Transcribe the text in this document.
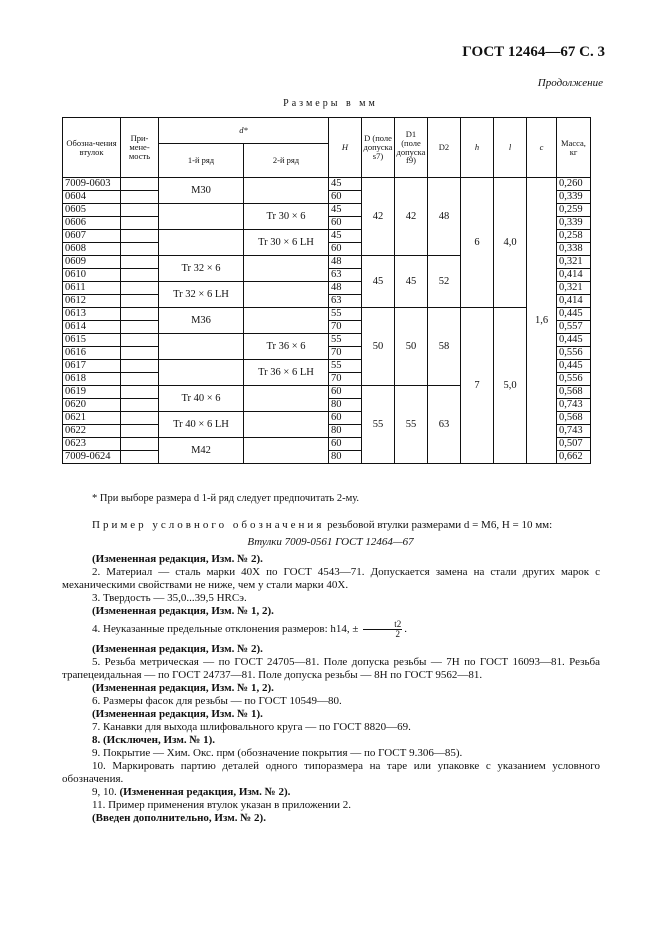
ГОСТ 12464—67 С. 3
Продолжение
Размеры в мм
Обозна-чения втулок	При-мене-мость	d*		H	D (поле допуска s7)	D1 (поле допуска f9)	D2	h	l	c	Масса, кг
		1-й ряд	2-й ряд								
7009-0603		M30		45	42	42	48	6	4,0	1,6	0,260
0604				60							0,339
0605			Tr 30 × 6	45							0,259
0606				60							0,339
0607			Tr 30 × 6 LH	45							0,258
0608				60							0,338
0609		Tr 32 × 6		48	45	45	52				0,321
0610				63							0,414
0611		Tr 32 × 6 LH		48							0,321
0612				63							0,414
0613		M36		55	50	50	58	7	5,0		0,445
0614				70							0,557
0615			Tr 36 × 6	55							0,445
0616				70							0,556
0617			Tr 36 × 6 LH	55							0,445
0618				70							0,556
0619		Tr 40 × 6		60	55	55	63				0,568
0620				80							0,743
0621		Tr 40 × 6 LH		60							0,568
0622				80							0,743
0623		M42		60							0,507
7009-0624				80							0,662
* При выборе размера d 1-й ряд следует предпочитать 2-му.
Пример условного обозначения резьбовой втулки размерами d = M6, H = 10 мм:
Втулки 7009-0561 ГОСТ 12464—67
(Измененная редакция, Изм. № 2).
2. Материал — сталь марки 40Х по ГОСТ 4543—71. Допускается замена на стали других марок с механическими свойствами не ниже, чем у стали марки 40Х.
3. Твердость — 35,0...39,5 HRCэ.
(Измененная редакция, Изм. № 1, 2).
4. Неуказанные предельные отклонения размеров: h14, ± $\frac{t2}{2}$ .
(Измененная редакция, Изм. № 2).
5. Резьба метрическая — по ГОСТ 24705—81. Поле допуска резьбы — 7H по ГОСТ 16093—81. Резьба трапецеидальная — по ГОСТ 24737—81. Поле допуска резьбы — 8H по ГОСТ 9562—81.
(Измененная редакция, Изм. № 1, 2).
6. Размеры фасок для резьбы — по ГОСТ 10549—80.
(Измененная редакция, Изм. № 1).
7. Канавки для выхода шлифовального круга — по ГОСТ 8820—69.
8. (Исключен, Изм. № 1).
9. Покрытие — Хим. Окс. прм (обозначение покрытия — по ГОСТ 9.306—85).
10. Маркировать партию деталей одного типоразмера на таре или упаковке с указанием условного обозначения.
9, 10. (Измененная редакция, Изм. № 2).
11. Пример применения втулок указан в приложении 2.
(Введен дополнительно, Изм. № 2).
